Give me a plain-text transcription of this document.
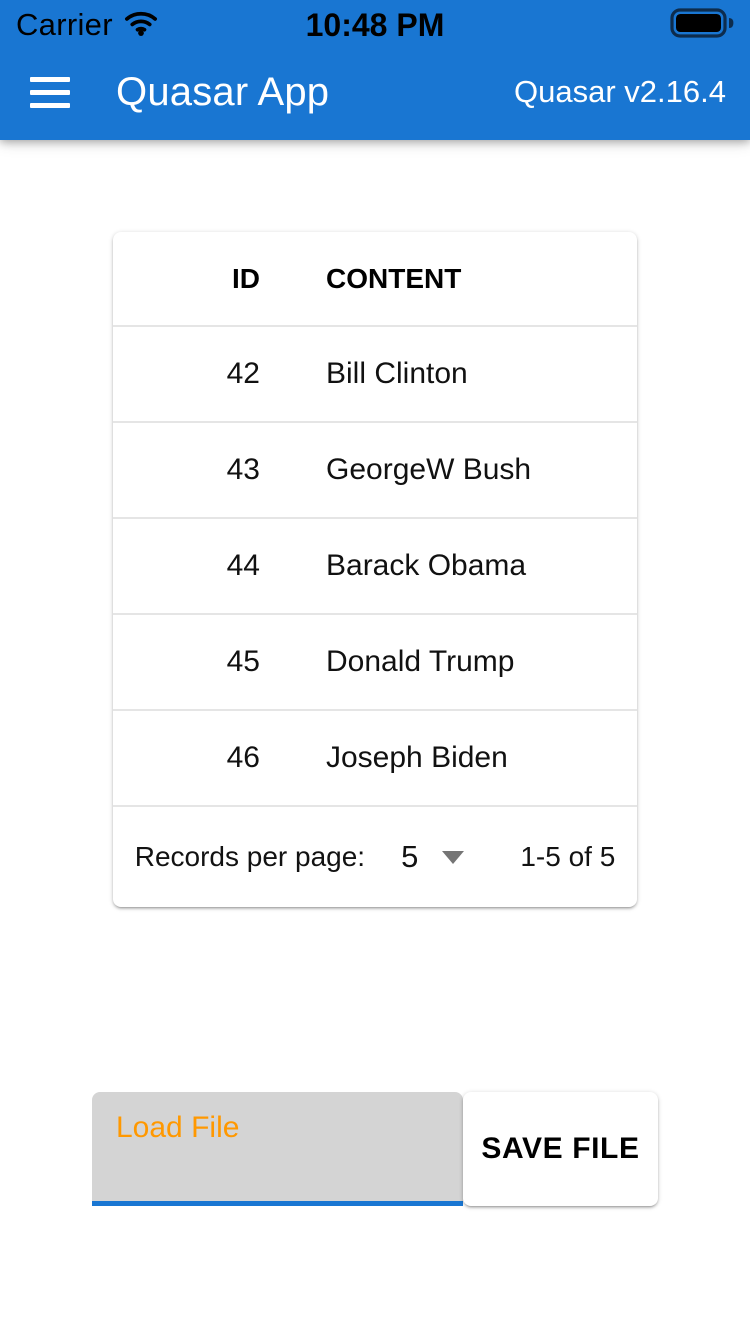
Carrier	10:48 PM
Quasar App	Quasar v2.16.4
ID	CONTENT
42	Bill Clinton
43	GeorgeW Bush
44	Barack Obama
45	Donald Trump
46	Joseph Biden
Records per page: 5	1-5 of 5
Load File
SAVE FILE
